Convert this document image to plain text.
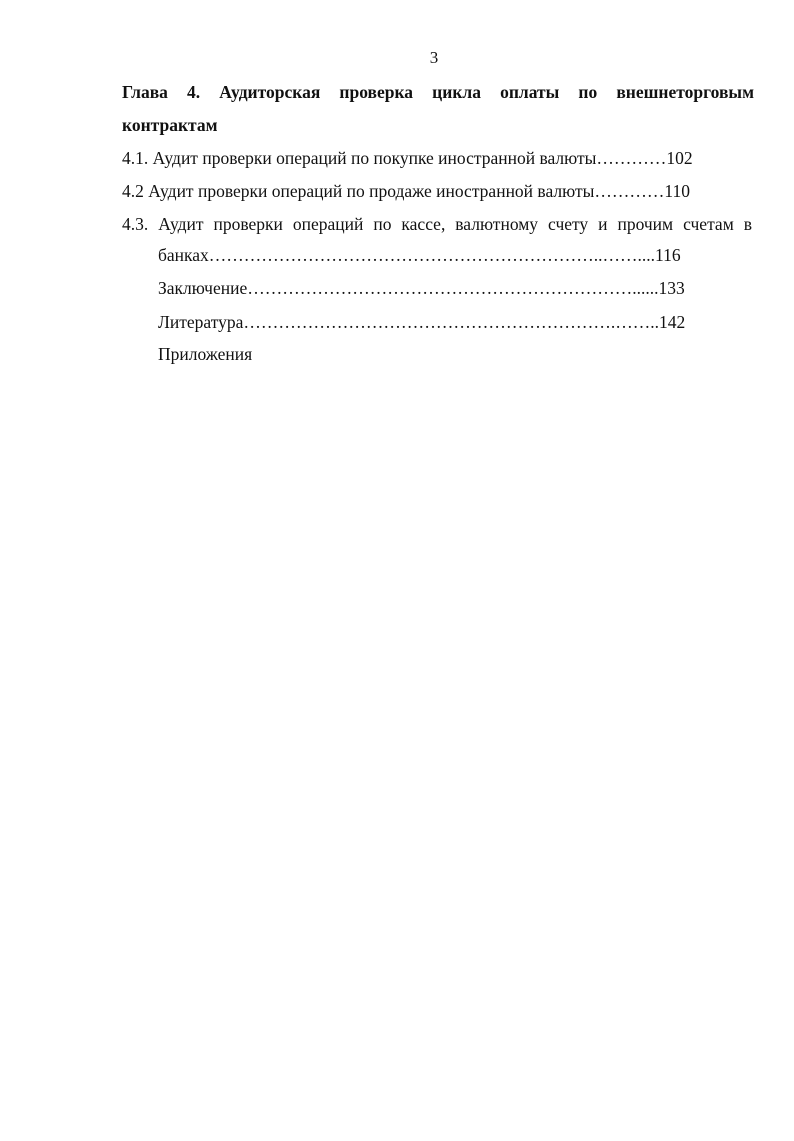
3
Глава 4. Аудиторская проверка цикла оплаты по внешнеторговым
контрактам
4.1. Аудит проверки операций по покупке иностранной валюты…………102
4.2 Аудит проверки операций по продаже иностранной валюты…………110
4.3. Аудит проверки операций по кассе, валютному счету и прочим счетам в
банках…………………………………………………………..……....116
Заключение…………………………………………………………......133
Литература……………………………………………………….……..142
Приложения
